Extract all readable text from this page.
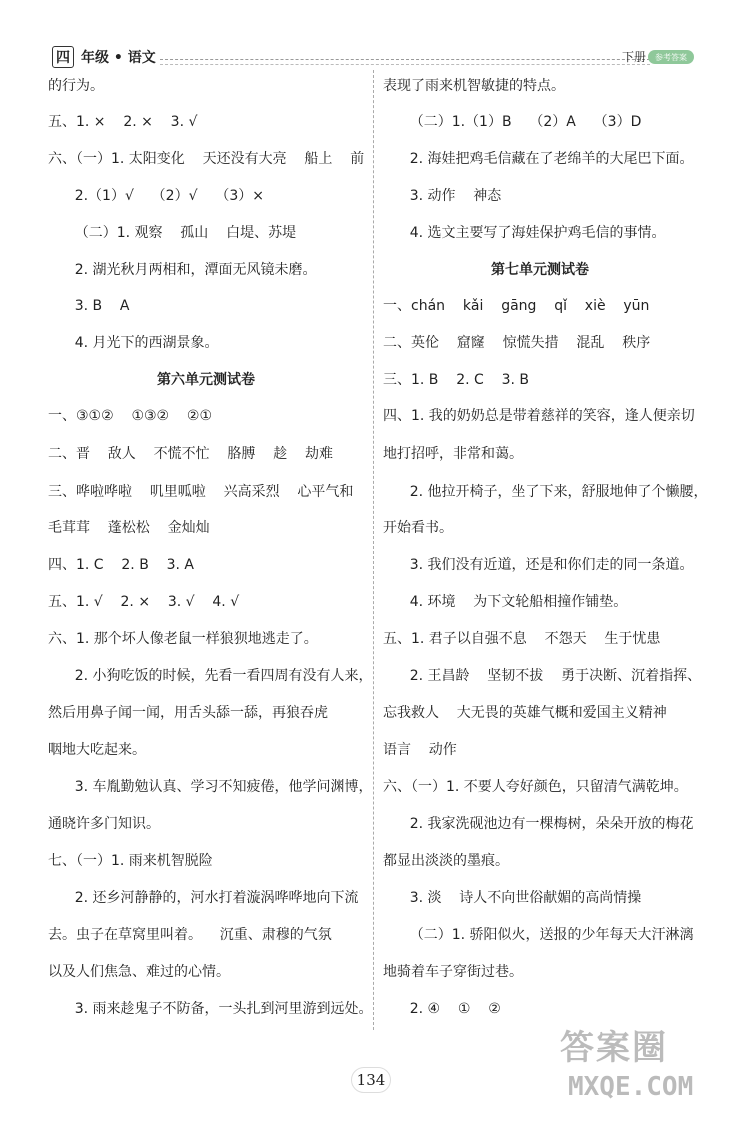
四 年级 • 语文	下册	参考答案
的行为。
五、1. ×    2. ×    3. √
六、（一）1. 太阳变化    天还没有大亮    船上    前
2.（1）√    （2）√    （3）×
（二）1. 观察    孤山    白堤、苏堤
2. 湖光秋月两相和，潭面无风镜未磨。
3. B    A
4. 月光下的西湖景象。
第六单元测试卷
一、③①②    ①③②    ②①
二、晋    敌人    不慌不忙    胳膊    趁    劫难
三、哗啦哗啦    叽里呱啦    兴高采烈    心平气和
毛茸茸    蓬松松    金灿灿
四、1. C    2. B    3. A
五、1. √    2. ×    3. √    4. √
六、1. 那个坏人像老鼠一样狼狈地逃走了。
2. 小狗吃饭的时候，先看一看四周有没有人来，
然后用鼻子闻一闻，用舌头舔一舔，再狼吞虎
咽地大吃起来。
3. 车胤勤勉认真、学习不知疲倦，他学问渊博，
通晓许多门知识。
七、（一）1. 雨来机智脱险
2. 还乡河静静的，河水打着漩涡哗哗地向下流
去。虫子在草窝里叫着。    沉重、肃穆的气氛
以及人们焦急、难过的心情。
3. 雨来趁鬼子不防备，一头扎到河里游到远处。
表现了雨来机智敏捷的特点。
（二）1.（1）B    （2）A    （3）D
2. 海娃把鸡毛信藏在了老绵羊的大尾巴下面。
3. 动作    神态
4. 选文主要写了海娃保护鸡毛信的事情。
第七单元测试卷
一、chán    kǎi    gāng    qǐ    xiè    yūn
二、英伦    窟窿    惊慌失措    混乱    秩序
三、1. B    2. C    3. B
四、1. 我的奶奶总是带着慈祥的笑容，逢人便亲切
地打招呼，非常和蔼。
2. 他拉开椅子，坐了下来，舒服地伸了个懒腰，
开始看书。
3. 我们没有近道，还是和你们走的同一条道。
4. 环境    为下文轮船相撞作铺垫。
五、1. 君子以自强不息    不怨天    生于忧患
2. 王昌龄    坚韧不拔    勇于决断、沉着指挥、
忘我救人    大无畏的英雄气概和爱国主义精神
语言    动作
六、（一）1. 不要人夸好颜色，只留清气满乾坤。
2. 我家洗砚池边有一棵梅树，朵朵开放的梅花
都显出淡淡的墨痕。
3. 淡    诗人不向世俗献媚的高尚情操
（二）1. 骄阳似火，送报的少年每天大汗淋漓
地骑着车子穿街过巷。
2. ④    ①    ②
134
答案圈
MXQE.COM
